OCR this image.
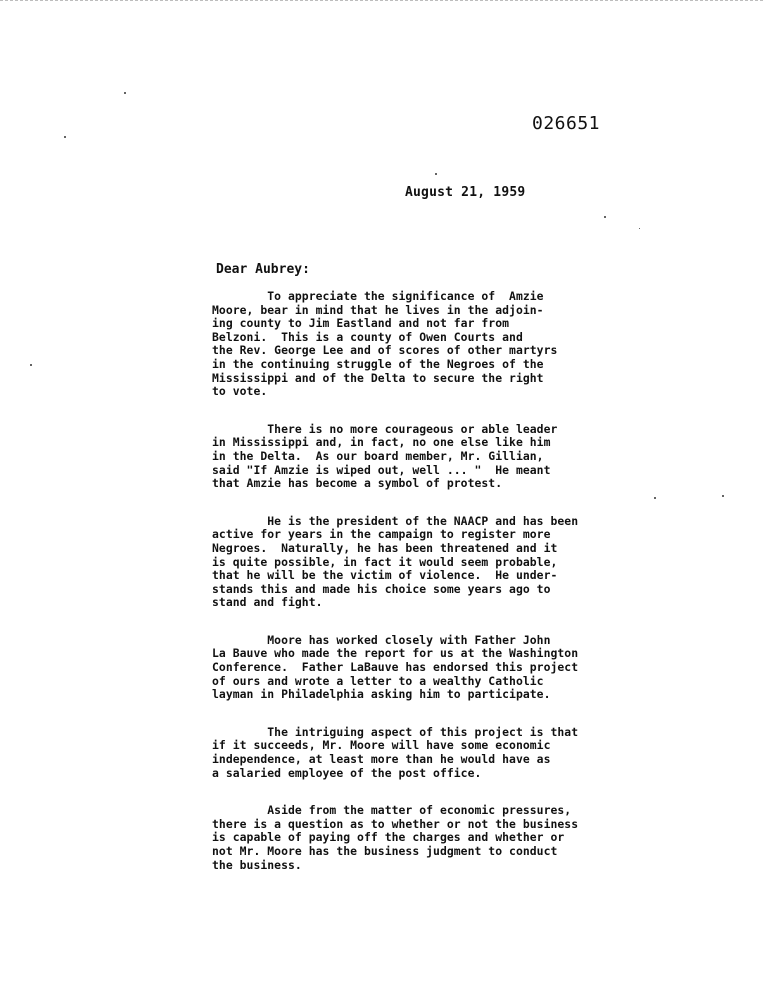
026651
August 21, 1959
Dear Aubrey:

To appreciate the significance of  Amzie
Moore, bear in mind that he lives in the adjoin-
ing county to Jim Eastland and not far from
Belzoni.  This is a county of Owen Courts and
the Rev. George Lee and of scores of other martyrs
in the continuing struggle of the Negroes of the
Mississippi and of the Delta to secure the right
to vote.

There is no more courageous or able leader
in Mississippi and, in fact, no one else like him
in the Delta.  As our board member, Mr. Gillian,
said "If Amzie is wiped out, well ... "  He meant
that Amzie has become a symbol of protest.

He is the president of the NAACP and has been
active for years in the campaign to register more
Negroes.  Naturally, he has been threatened and it
is quite possible, in fact it would seem probable,
that he will be the victim of violence.  He under-
stands this and made his choice some years ago to
stand and fight.

Moore has worked closely with Father John
La Bauve who made the report for us at the Washington
Conference.  Father LaBauve has endorsed this project
of ours and wrote a letter to a wealthy Catholic
layman in Philadelphia asking him to participate.

The intriguing aspect of this project is that
if it succeeds, Mr. Moore will have some economic
independence, at least more than he would have as
a salaried employee of the post office.

Aside from the matter of economic pressures,
there is a question as to whether or not the business
is capable of paying off the charges and whether or
not Mr. Moore has the business judgment to conduct
the business.
